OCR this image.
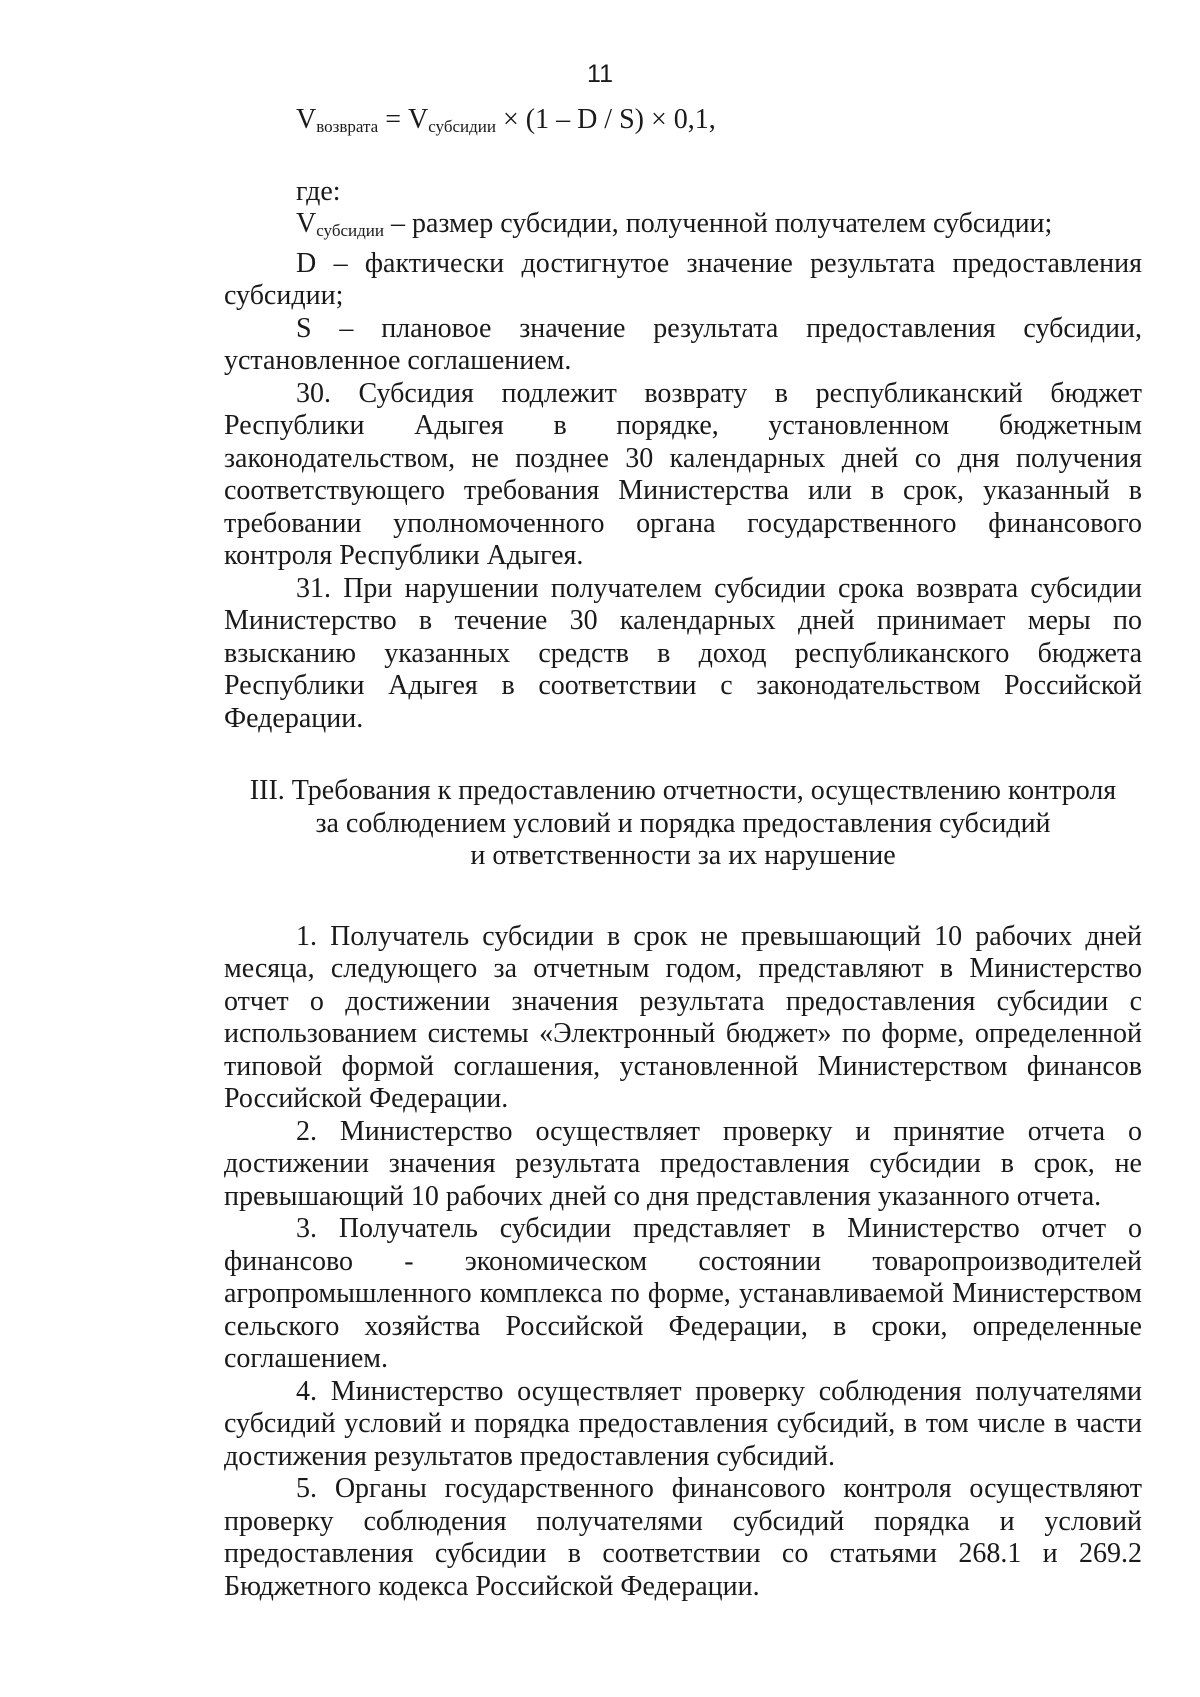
11
$V_{возврата} = V_{субсидии} \times (1 - D / S) \times 0,1$,

где:

$V_{субсидии}$ – размер субсидии, полученной получателем субсидии;

D – фактически достигнутое значение результата предоставления субсидии;

S – плановое значение результата предоставления субсидии, установленное соглашением.

30. Субсидия подлежит возврату в республиканский бюджет Республики Адыгея в порядке, установленном бюджетным законодательством, не позднее 30 календарных дней со дня получения соответствующего требования Министерства или в срок, указанный в требовании уполномоченного органа государственного финансового контроля Республики Адыгея.

31. При нарушении получателем субсидии срока возврата субсидии Министерство в течение 30 календарных дней принимает меры по взысканию указанных средств в доход республиканского бюджета Республики Адыгея в соответствии с законодательством Российской Федерации.

III. Требования к предоставлению отчетности, осуществлению контроля
за соблюдением условий и порядка предоставления субсидий
и ответственности за их нарушение

1. Получатель субсидии в срок не превышающий 10 рабочих дней месяца, следующего за отчетным годом, представляют в Министерство отчет о достижении значения результата предоставления субсидии с использованием системы «Электронный бюджет» по форме, определенной типовой формой соглашения, установленной Министерством финансов Российской Федерации.

2. Министерство осуществляет проверку и принятие отчета о достижении значения результата предоставления субсидии в срок, не превышающий 10 рабочих дней со дня представления указанного отчета.

3. Получатель субсидии представляет в Министерство отчет о финансово - экономическом состоянии товаропроизводителей агропромышленного комплекса по форме, устанавливаемой Министерством сельского хозяйства Российской Федерации, в сроки, определенные соглашением.

4. Министерство осуществляет проверку соблюдения получателями субсидий условий и порядка предоставления субсидий, в том числе в части достижения результатов предоставления субсидий.

5. Органы государственного финансового контроля осуществляют проверку соблюдения получателями субсидий порядка и условий предоставления субсидии в соответствии со статьями 268.1 и 269.2 Бюджетного кодекса Российской Федерации.
